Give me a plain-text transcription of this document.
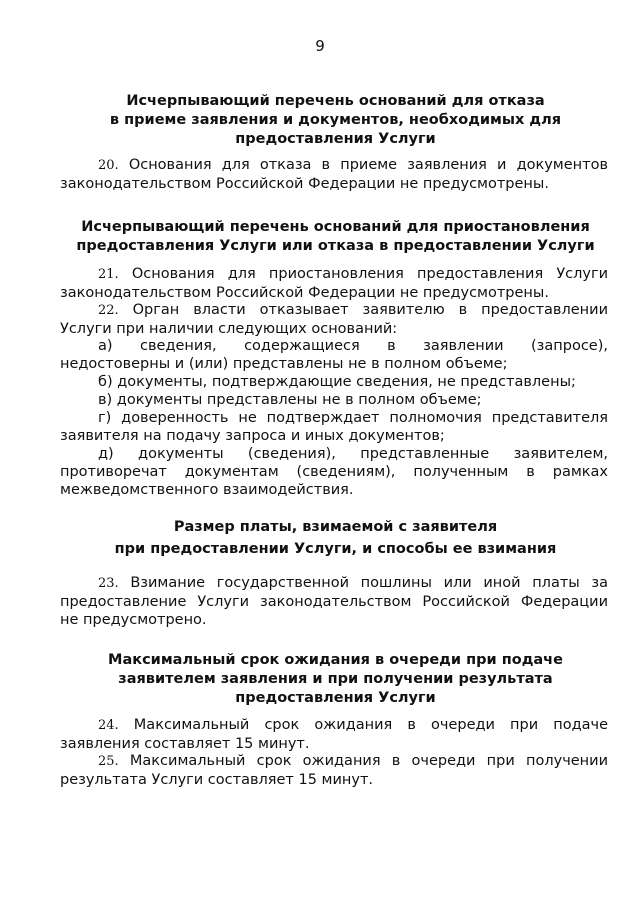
9
Исчерпывающий перечень оснований для отказа
в приеме заявления и документов, необходимых для
предоставления Услуги
20. Основания для отказа в приеме заявления и документов
законодательством Российской Федерации не предусмотрены.
Исчерпывающий перечень оснований для приостановления
предоставления Услуги или отказа в предоставлении Услуги
21. Основания для приостановления предоставления Услуги
законодательством Российской Федерации не предусмотрены.
22. Орган власти отказывает заявителю в предоставлении
Услуги при наличии следующих оснований:
а) сведения, содержащиеся в заявлении (запросе),
недостоверны и (или) представлены не в полном объеме;
б) документы, подтверждающие сведения, не представлены;
в) документы представлены не в полном объеме;
г) доверенность не подтверждает полномочия представителя
заявителя на подачу запроса и иных документов;
д) документы (сведения), представленные заявителем,
противоречат документам (сведениям), полученным в рамках
межведомственного взаимодействия.
Размер платы, взимаемой с заявителя
при предоставлении Услуги, и способы ее взимания
23. Взимание государственной пошлины или иной платы за
предоставление Услуги законодательством Российской Федерации
не предусмотрено.
Максимальный срок ожидания в очереди при подаче
заявителем заявления и при получении результата
предоставления Услуги
24. Максимальный срок ожидания в очереди при подаче
заявления составляет 15 минут.
25. Максимальный срок ожидания в очереди при получении
результата Услуги составляет 15 минут.
